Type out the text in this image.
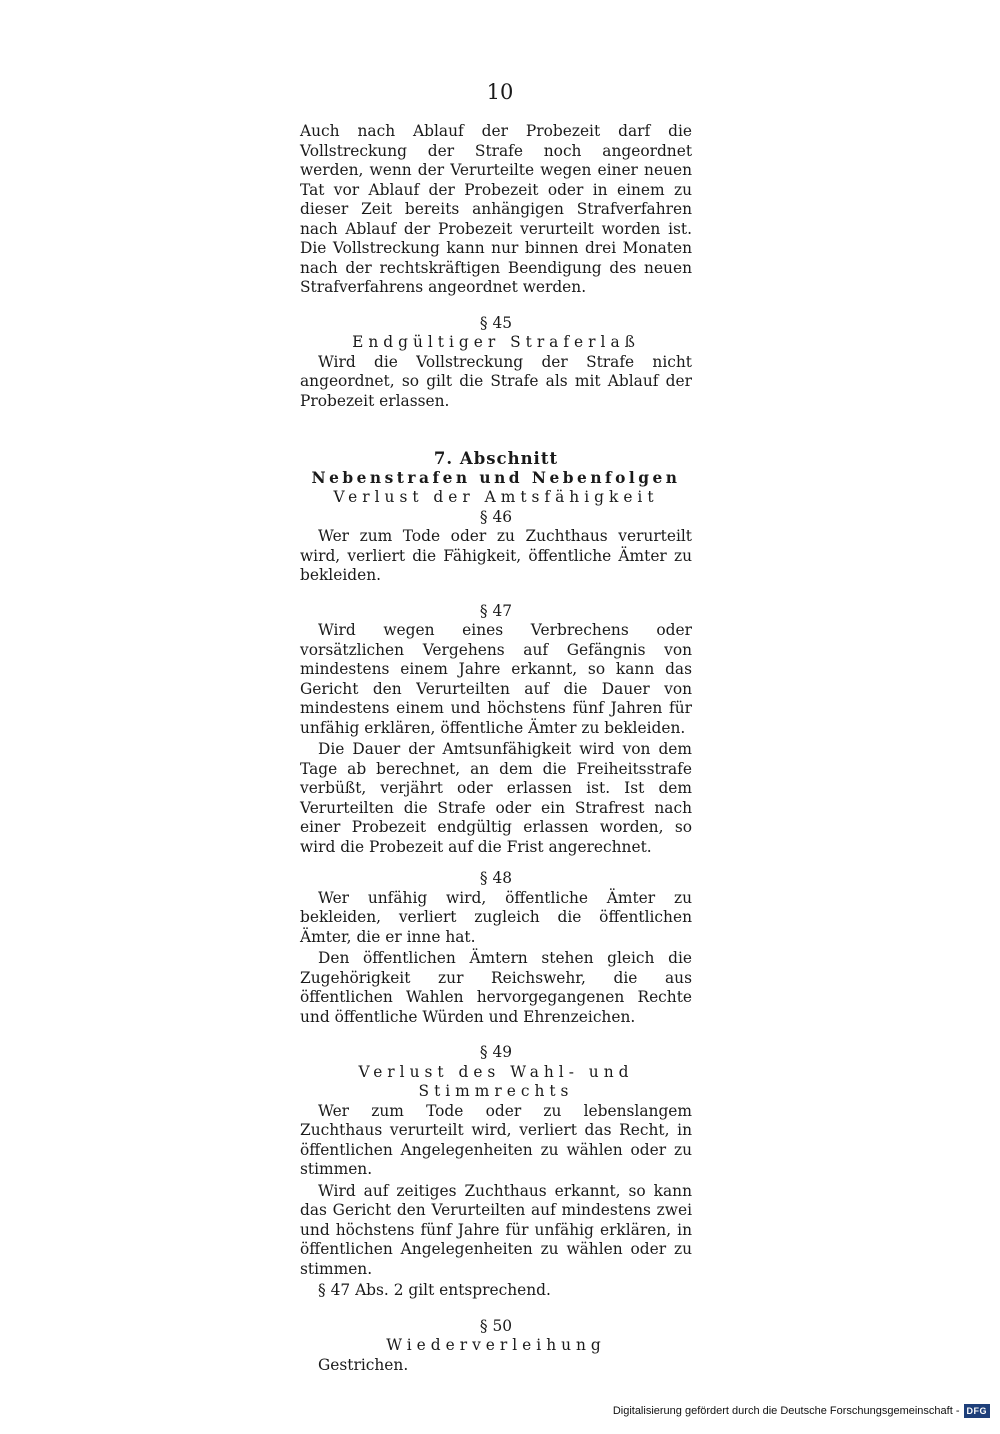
10

Auch nach Ablauf der Probezeit darf die Vollstreckung der Strafe noch angeordnet werden, wenn der Verurteilte wegen einer neuen Tat vor Ablauf der Probezeit oder in einem zu dieser Zeit bereits anhängigen Strafverfahren nach Ablauf der Probezeit verurteilt worden ist. Die Vollstreckung kann nur binnen drei Monaten nach der rechtskräftigen Beendigung des neuen Strafverfahrens angeordnet werden.

§ 45

Endgültiger Straferlaß

Wird die Vollstreckung der Strafe nicht angeordnet, so gilt die Strafe als mit Ablauf der Probezeit erlassen.

7. Abschnitt

Nebenstrafen und Nebenfolgen

Verlust der Amtsfähigkeit

§ 46

Wer zum Tode oder zu Zuchthaus verurteilt wird, verliert die Fähigkeit, öffentliche Ämter zu bekleiden.

§ 47

Wird wegen eines Verbrechens oder vorsätzlichen Vergehens auf Gefängnis von mindestens einem Jahre erkannt, so kann das Gericht den Verurteilten auf die Dauer von mindestens einem und höchstens fünf Jahren für unfähig erklären, öffentliche Ämter zu bekleiden.

Die Dauer der Amtsunfähigkeit wird von dem Tage ab berechnet, an dem die Freiheitsstrafe verbüßt, verjährt oder erlassen ist. Ist dem Verurteilten die Strafe oder ein Strafrest nach einer Probezeit endgültig erlassen worden, so wird die Probezeit auf die Frist angerechnet.

§ 48

Wer unfähig wird, öffentliche Ämter zu bekleiden, verliert zugleich die öffentlichen Ämter, die er inne hat.

Den öffentlichen Ämtern stehen gleich die Zugehörigkeit zur Reichswehr, die aus öffentlichen Wahlen hervorgegangenen Rechte und öffentliche Würden und Ehrenzeichen.

§ 49

Verlust des Wahl- und Stimmrechts

Wer zum Tode oder zu lebenslangem Zuchthaus verurteilt wird, verliert das Recht, in öffentlichen Angelegenheiten zu wählen oder zu stimmen.

Wird auf zeitiges Zuchthaus erkannt, so kann das Gericht den Verurteilten auf mindestens zwei und höchstens fünf Jahre für unfähig erklären, in öffentlichen Angelegenheiten zu wählen oder zu stimmen.

§ 47 Abs. 2 gilt entsprechend.

§ 50

Wiederverleihung

Gestrichen.

Digitalisierung gefördert durch die Deutsche Forschungsgemeinschaft - DFG
